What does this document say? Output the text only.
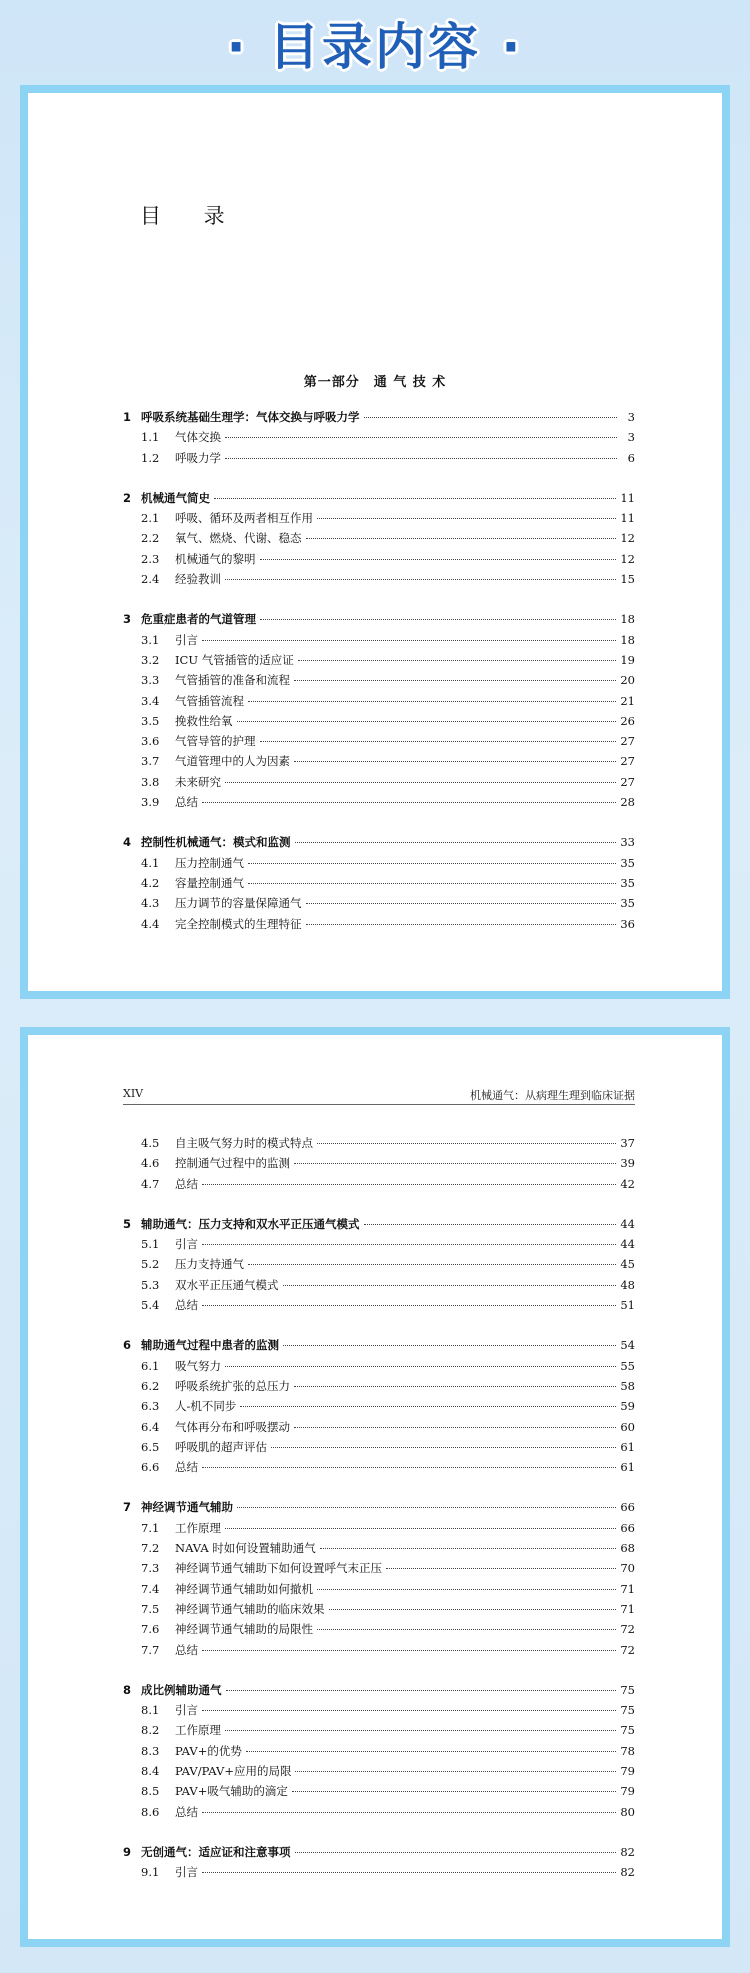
· 目录内容 ·
目 录
第一部分　通 气 技 术
1 呼吸系统基础生理学：气体交换与呼吸力学	3
1.1	气体交换	3
1.2	呼吸力学	6
2 机械通气简史	11
2.1	呼吸、循环及两者相互作用	11
2.2	氧气、燃烧、代谢、稳态	12
2.3	机械通气的黎明	12
2.4	经验教训	15
3 危重症患者的气道管理	18
3.1	引言	18
3.2	ICU 气管插管的适应证	19
3.3	气管插管的准备和流程	20
3.4	气管插管流程	21
3.5	挽救性给氧	26
3.6	气管导管的护理	27
3.7	气道管理中的人为因素	27
3.8	未来研究	27
3.9	总结	28
4 控制性机械通气：模式和监测	33
4.1	压力控制通气	35
4.2	容量控制通气	35
4.3	压力调节的容量保障通气	35
4.4	完全控制模式的生理特征	36
XIV	机械通气：从病理生理到临床证据
4.5	自主吸气努力时的模式特点	37
4.6	控制通气过程中的监测	39
4.7	总结	42
5 辅助通气：压力支持和双水平正压通气模式	44
5.1	引言	44
5.2	压力支持通气	45
5.3	双水平正压通气模式	48
5.4	总结	51
6 辅助通气过程中患者的监测	54
6.1	吸气努力	55
6.2	呼吸系统扩张的总压力	58
6.3	人-机不同步	59
6.4	气体再分布和呼吸摆动	60
6.5	呼吸肌的超声评估	61
6.6	总结	61
7 神经调节通气辅助	66
7.1	工作原理	66
7.2	NAVA 时如何设置辅助通气	68
7.3	神经调节通气辅助下如何设置呼气末正压	70
7.4	神经调节通气辅助如何撤机	71
7.5	神经调节通气辅助的临床效果	71
7.6	神经调节通气辅助的局限性	72
7.7	总结	72
8 成比例辅助通气	75
8.1	引言	75
8.2	工作原理	75
8.3	PAV+的优势	78
8.4	PAV/PAV+应用的局限	79
8.5	PAV+吸气辅助的滴定	79
8.6	总结	80
9 无创通气：适应证和注意事项	82
9.1	引言	82
